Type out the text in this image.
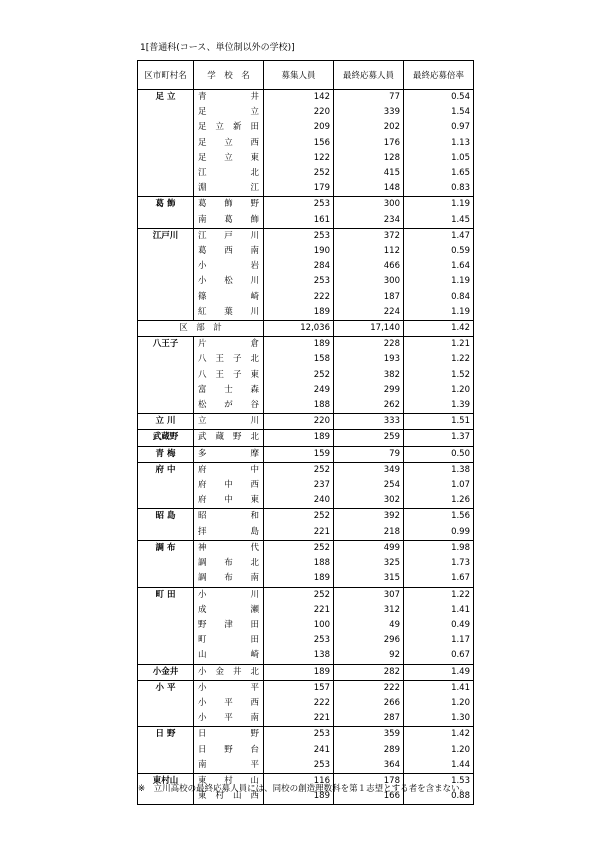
1[普通科(コース、単位制以外の学校)]
区市町村名	学　校　名	募集人員	最終応募人員	最終応募倍率
足 立	青 井	142	77	0.54

	足 立	220	339	1.54

	足 立 新 田	209	202	0.97

	足 立 西	156	176	1.13

	足 立 東	122	128	1.05

	江 北	252	415	1.65

	淵 江	179	148	0.83
葛 飾	葛 飾 野	253	300	1.19

	南 葛 飾	161	234	1.45
江戸川	江 戸 川	253	372	1.47

	葛 西 南	190	112	0.59

	小 岩	284	466	1.64

	小 松 川	253	300	1.19

	篠 崎	222	187	0.84

	紅 葉 川	189	224	1.19
区　部　計		12,036	17,140	1.42
八王子	片 倉	189	228	1.21

	八 王 子 北	158	193	1.22

	八 王 子 東	252	382	1.52

	富 士 森	249	299	1.20

	松 が 谷	188	262	1.39
立 川	立 川	220	333	1.51
武蔵野	武 蔵 野 北	189	259	1.37
青 梅	多 摩	159	79	0.50
府 中	府 中	252	349	1.38

	府 中 西	237	254	1.07

	府 中 東	240	302	1.26
昭 島	昭 和	252	392	1.56

	拝 島	221	218	0.99
調 布	神 代	252	499	1.98

	調 布 北	188	325	1.73

	調 布 南	189	315	1.67
町 田	小 川	252	307	1.22

	成 瀬	221	312	1.41

	野 津 田	100	49	0.49

	町 田	253	296	1.17

	山 崎	138	92	0.67
小金井	小 金 井 北	189	282	1.49
小 平	小 平	157	222	1.41

	小 平 西	222	266	1.20

	小 平 南	221	287	1.30
日 野	日 野	253	359	1.42

	日 野 台	241	289	1.20

	南 平	253	364	1.44
東村山	東 村 山	116	178	1.53

	東 村 山 西	189	166	0.88
※　立川高校の最終応募人員には、同校の創造理数科を第１志望とする者を含まない。
